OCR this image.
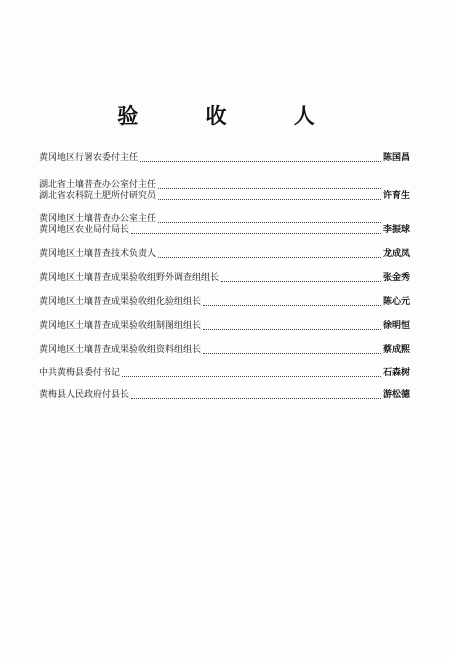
验 收 人
黄冈地区行署农委付主任	陈国昌
湖北省土壤普查办公室付主任
湖北省农科院土肥所付研究员	许育生
黄冈地区土壤普查办公室主任
黄冈地区农业局付局长	李振球
黄冈地区土壤普查技术负责人	龙成凤
黄冈地区土壤普查成果验收组野外调查组组长	张金秀
黄冈地区土壤普查成果验收组化验组组长	陈心元
黄冈地区土壤普查成果验收组制图组组长	徐明恒
黄冈地区土壤普查成果验收组资料组组长	蔡成熙
中共黄梅县委付书记	石森树
黄梅县人民政府付县长	游松德
